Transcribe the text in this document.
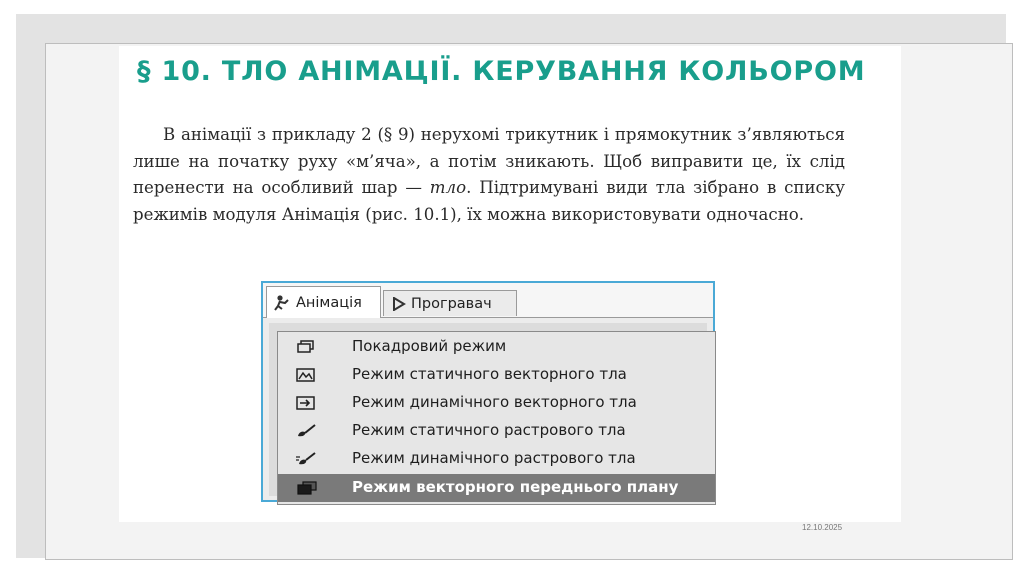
§ 10. ТЛО АНІМАЦІЇ. КЕРУВАННЯ КОЛЬОРОМ

В анімації з прикладу 2 (§ 9) нерухомі трикутник і прямокутник з’являються лише на початку руху «м’яча», а потім зникають. Щоб виправити це, їх слід перенести на особливий шар — тло. Підтримувані види тла зібрано в списку режимів модуля Анімація (рис. 10.1), їх можна використовувати одночасно.

Анімація	Програвач
Покадровий режим
Режим статичного векторного тла
Режим динамічного векторного тла
Режим статичного растрового тла
Режим динамічного растрового тла
Режим векторного переднього плану
12.10.2025
